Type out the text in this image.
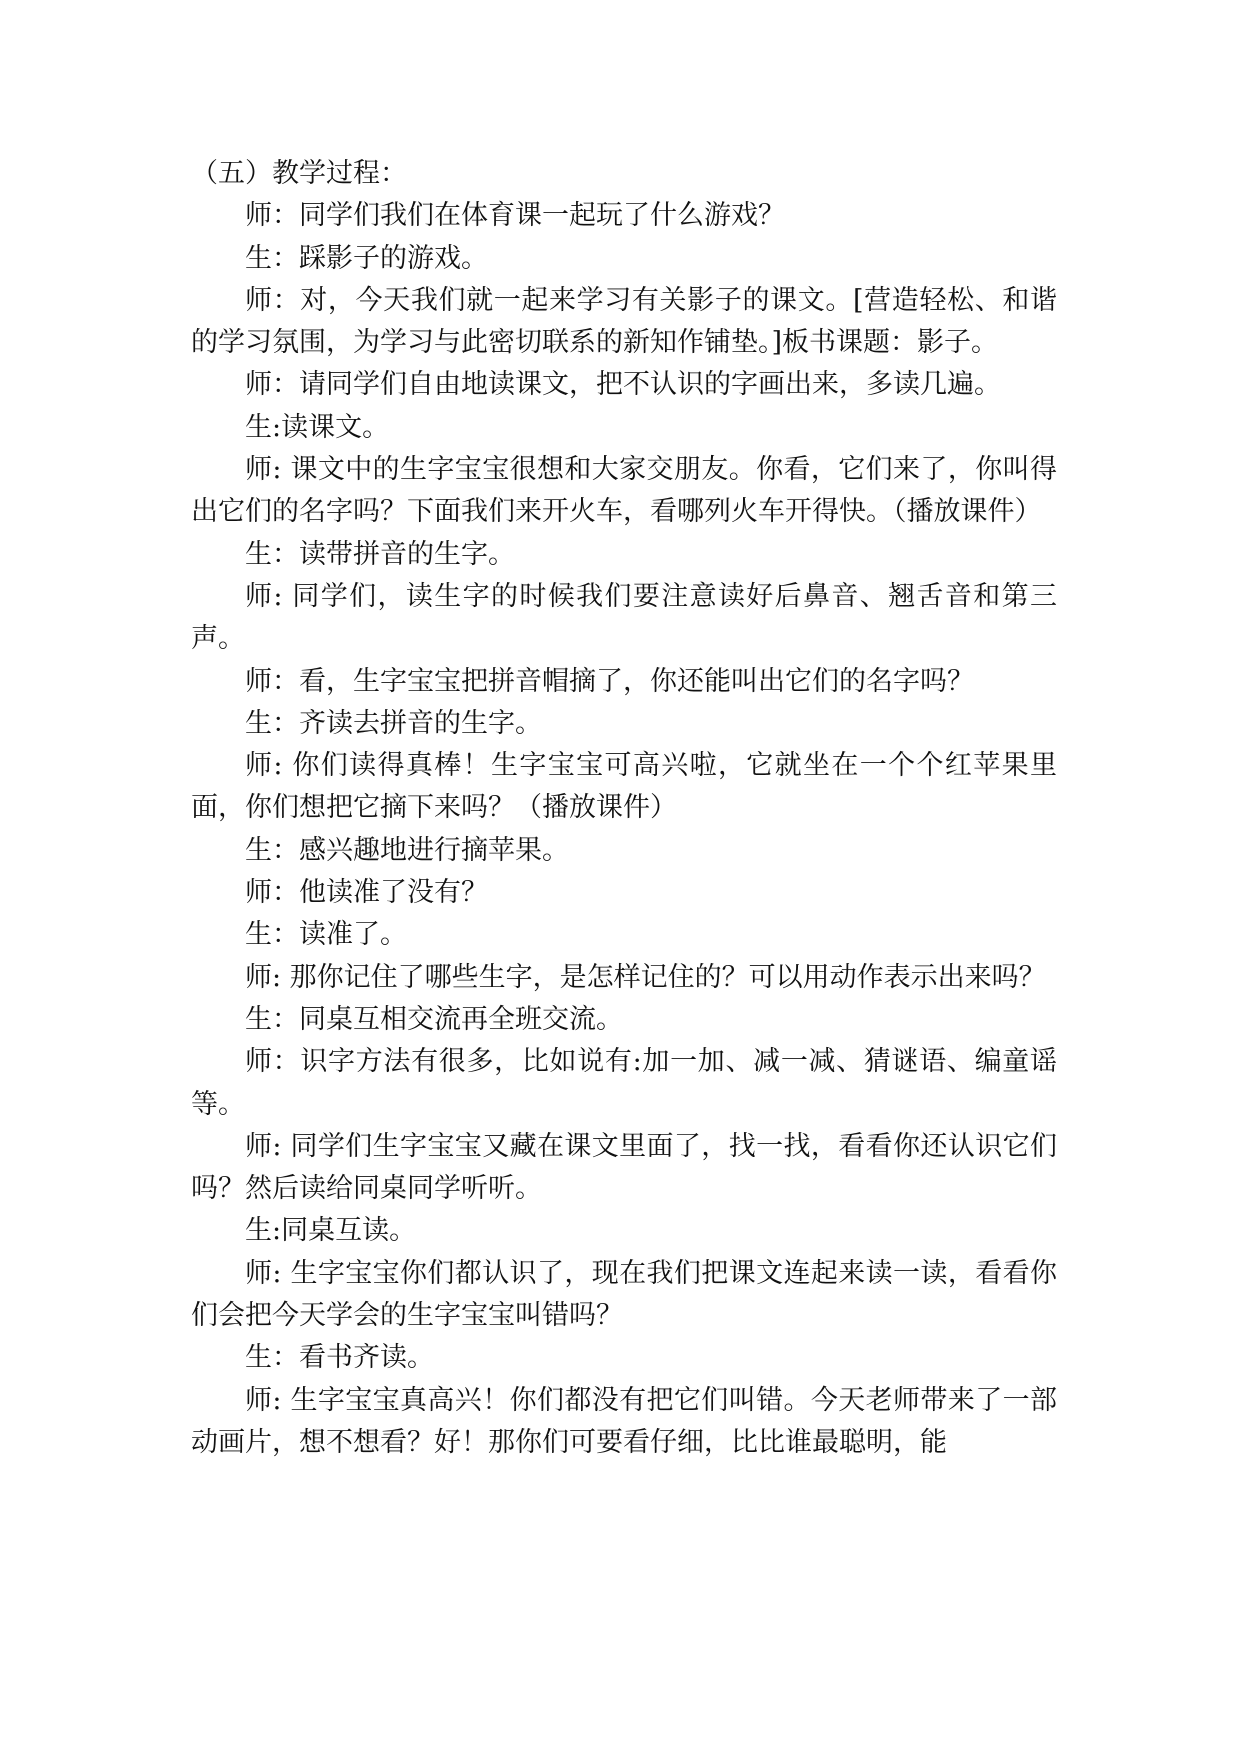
（五）教学过程：

师：同学们我们在体育课一起玩了什么游戏？

生：踩影子的游戏。

师：对，今天我们就一起来学习有关影子的课文。[营造轻松、和谐的学习氛围，为学习与此密切联系的新知作铺垫。]板书课题：影子。

师：请同学们自由地读课文，把不认识的字画出来，多读几遍。

生:读课文。

师: 课文中的生字宝宝很想和大家交朋友。你看，它们来了，你叫得出它们的名字吗？下面我们来开火车，看哪列火车开得快。（播放课件）

生：读带拼音的生字。

师: 同学们，读生字的时候我们要注意读好后鼻音、翘舌音和第三声。

师：看，生字宝宝把拼音帽摘了，你还能叫出它们的名字吗？

生：齐读去拼音的生字。

师: 你们读得真棒！生字宝宝可高兴啦，它就坐在一个个红苹果里面，你们想把它摘下来吗？（播放课件）

生：感兴趣地进行摘苹果。

师：他读准了没有？

生：读准了。

师: 那你记住了哪些生字，是怎样记住的？可以用动作表示出来吗？

生：同桌互相交流再全班交流。

师：识字方法有很多，比如说有:加一加、减一减、猜谜语、编童谣等。

师: 同学们生字宝宝又藏在课文里面了，找一找，看看你还认识它们吗？然后读给同桌同学听听。

生:同桌互读。

师: 生字宝宝你们都认识了，现在我们把课文连起来读一读，看看你们会把今天学会的生字宝宝叫错吗？

生：看书齐读。

师: 生字宝宝真高兴！你们都没有把它们叫错。今天老师带来了一部动画片，想不想看？好！那你们可要看仔细，比比谁最聪明，能
